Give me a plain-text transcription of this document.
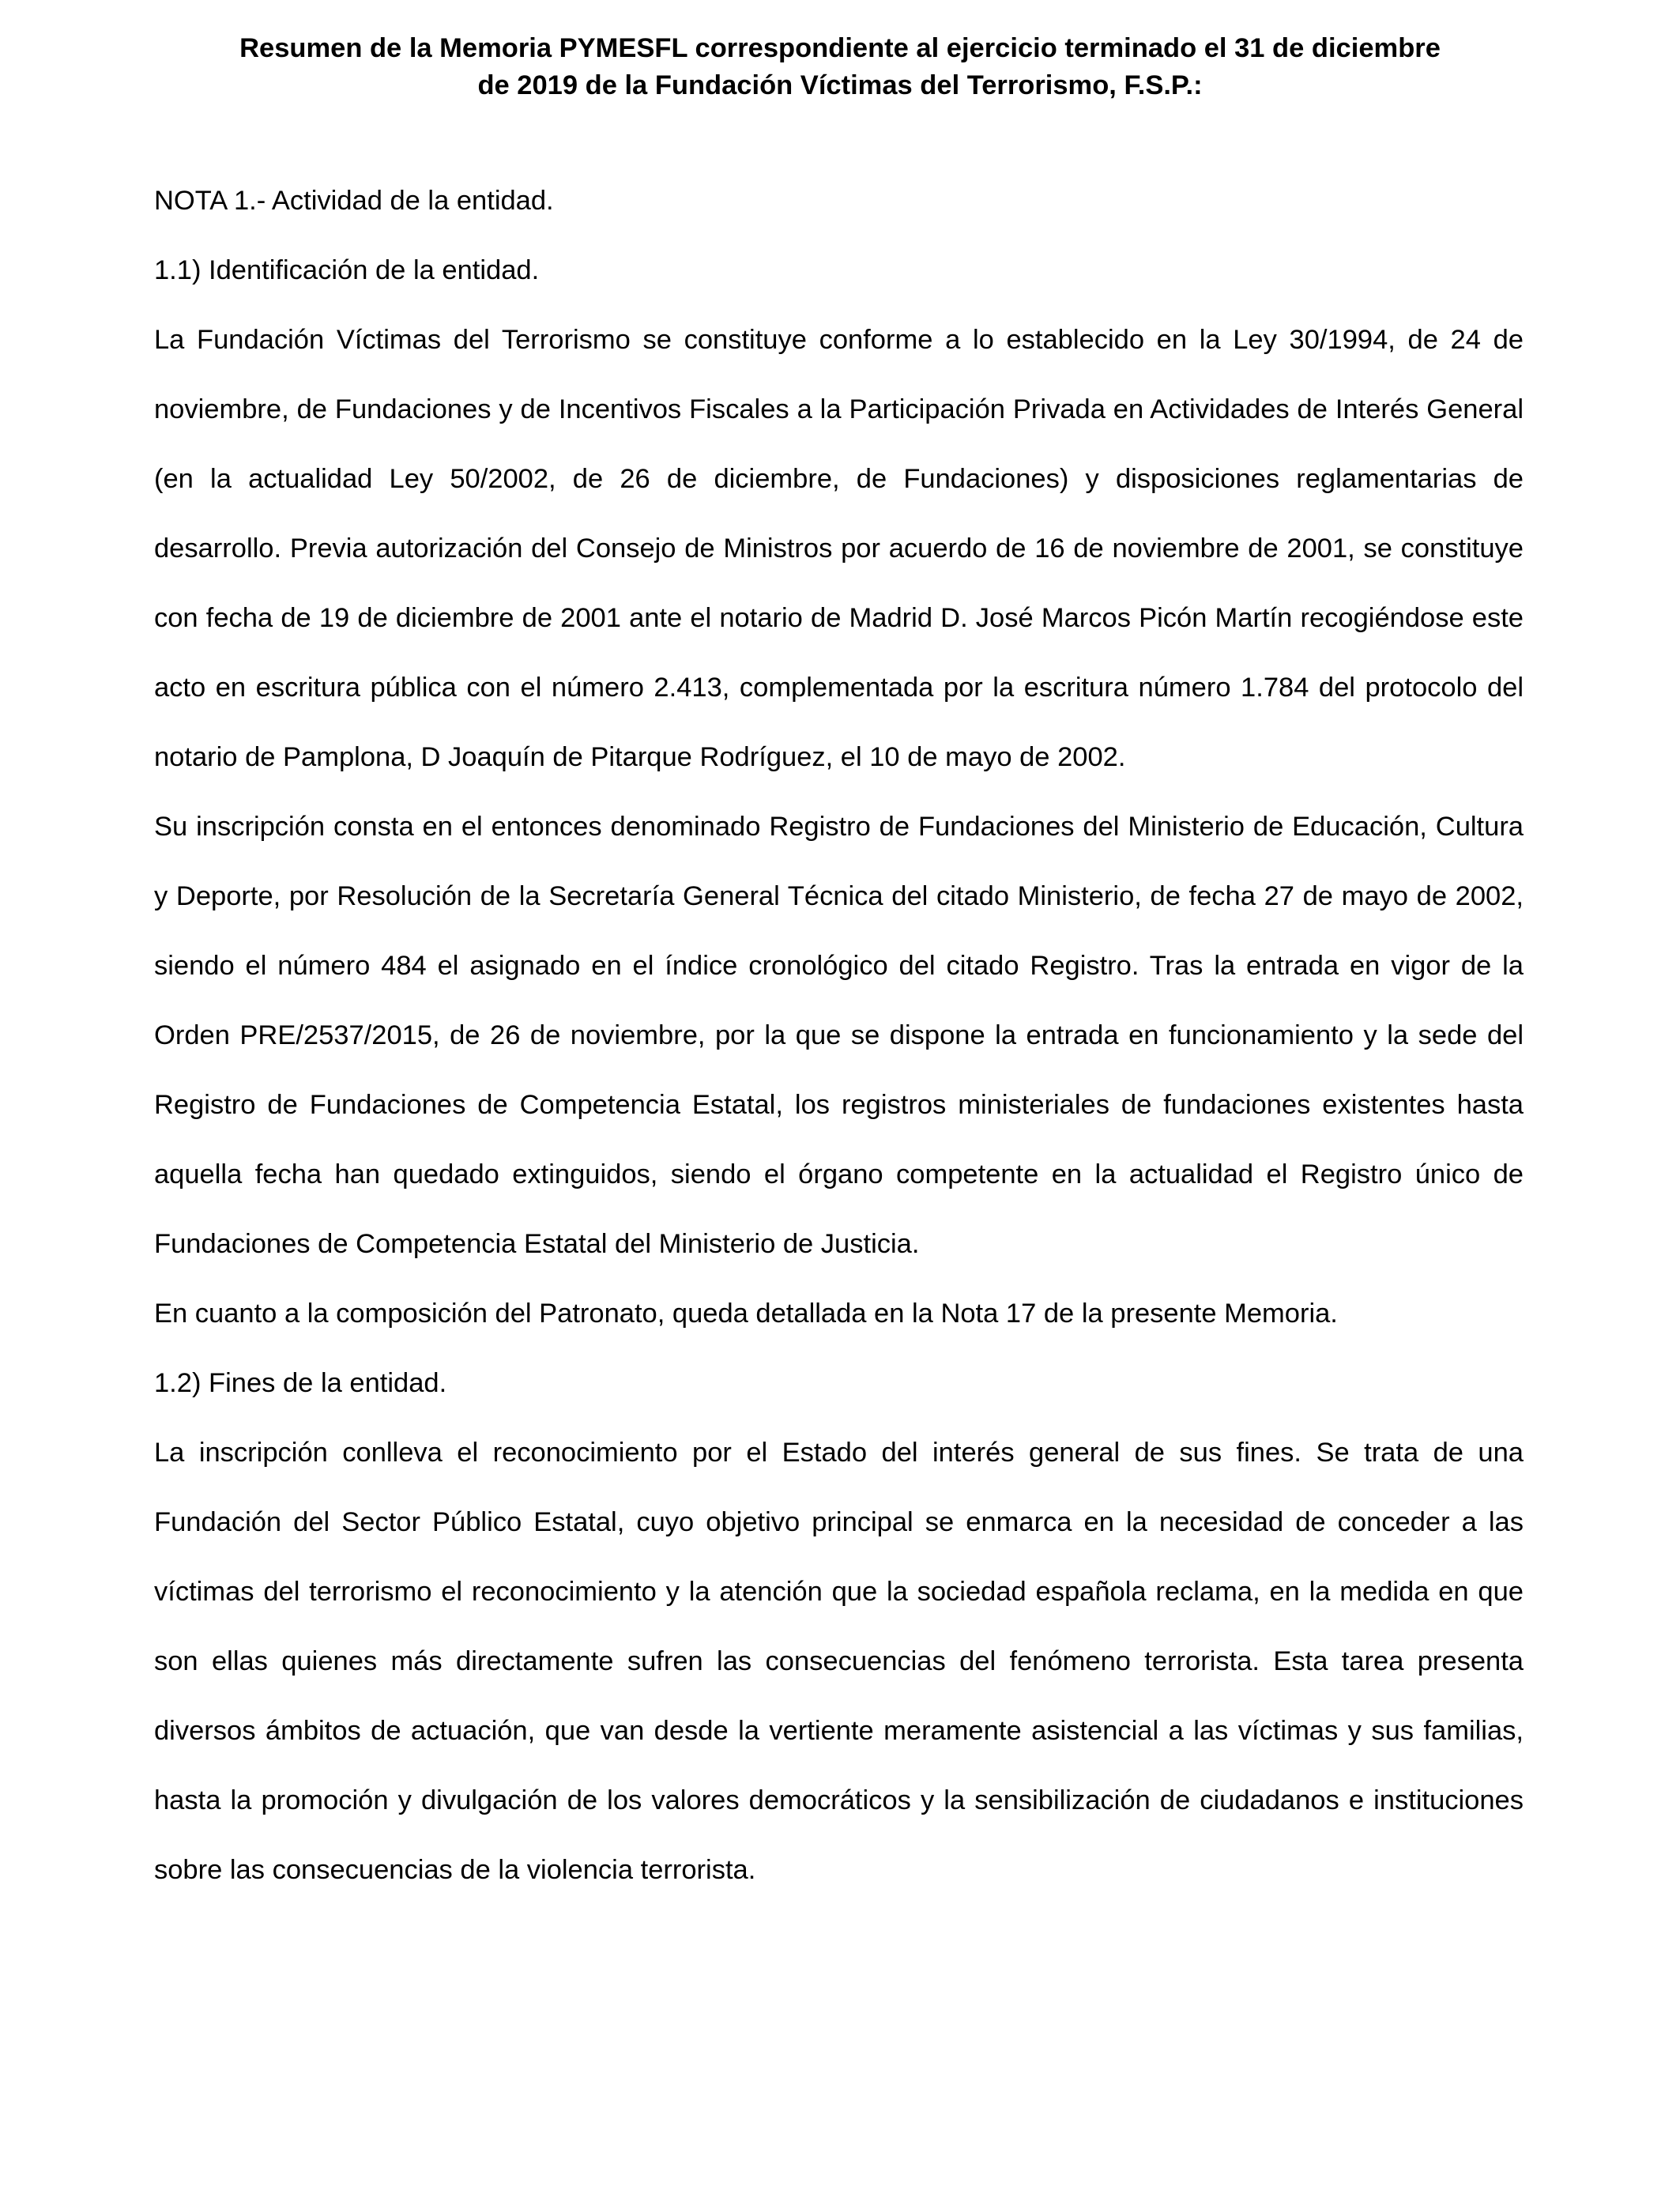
Resumen de la Memoria PYMESFL correspondiente al ejercicio terminado el 31 de diciembre
de 2019 de la Fundación Víctimas del Terrorismo, F.S.P.:

NOTA 1.- Actividad de la entidad.

1.1) Identificación de la entidad.

La Fundación Víctimas del Terrorismo se constituye conforme a lo establecido en la Ley 30/1994, de 24 de noviembre, de Fundaciones y de Incentivos Fiscales a la Participación Privada en Actividades de Interés General (en la actualidad Ley 50/2002, de 26 de diciembre, de Fundaciones) y disposiciones reglamentarias de desarrollo. Previa autorización del Consejo de Ministros por acuerdo de 16 de noviembre de 2001, se constituye con fecha de 19 de diciembre de 2001 ante el notario de Madrid D. José Marcos Picón Martín recogiéndose este acto en escritura pública con el número 2.413, complementada por la escritura número 1.784 del protocolo del notario de Pamplona, D Joaquín de Pitarque Rodríguez, el 10 de mayo de 2002.

Su inscripción consta en el entonces denominado Registro de Fundaciones del Ministerio de Educación, Cultura y Deporte, por Resolución de la Secretaría General Técnica del citado Ministerio, de fecha 27 de mayo de 2002, siendo el número 484 el asignado en el índice cronológico del citado Registro. Tras la entrada en vigor de la Orden PRE/2537/2015, de 26 de noviembre, por la que se dispone la entrada en funcionamiento y la sede del Registro de Fundaciones de Competencia Estatal, los registros ministeriales de fundaciones existentes hasta aquella fecha han quedado extinguidos, siendo el órgano competente en la actualidad el Registro único de Fundaciones de Competencia Estatal del Ministerio de Justicia.

En cuanto a la composición del Patronato, queda detallada en la Nota 17 de la presente Memoria.

1.2) Fines de la entidad.

La inscripción conlleva el reconocimiento por el Estado del interés general de sus fines. Se trata de una Fundación del Sector Público Estatal, cuyo objetivo principal se enmarca en la necesidad de conceder a las víctimas del terrorismo el reconocimiento y la atención que la sociedad española reclama, en la medida en que son ellas quienes más directamente sufren las consecuencias del fenómeno terrorista. Esta tarea presenta diversos ámbitos de actuación, que van desde la vertiente meramente asistencial a las víctimas y sus familias, hasta la promoción y divulgación de los valores democráticos y la sensibilización de ciudadanos e instituciones sobre las consecuencias de la violencia terrorista.
